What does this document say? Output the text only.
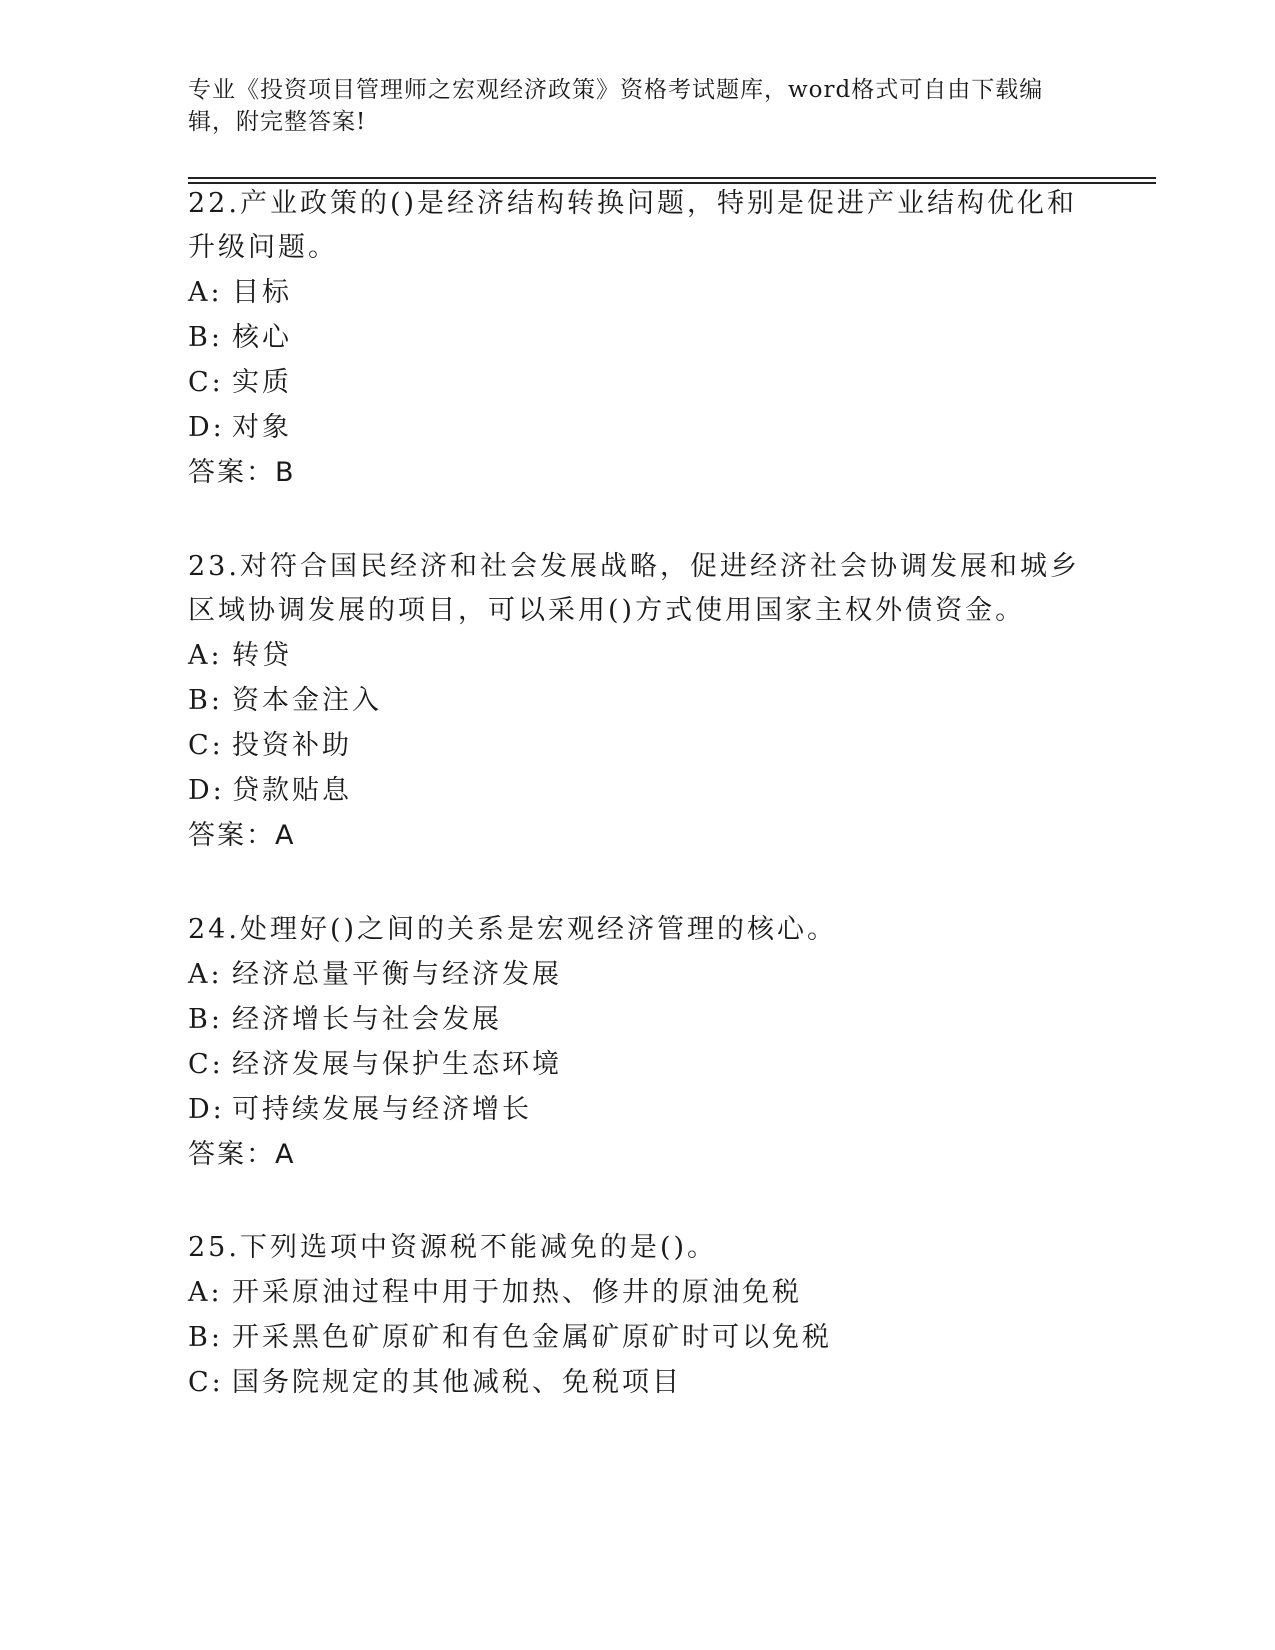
专业《投资项目管理师之宏观经济政策》资格考试题库，word格式可自由下载编辑，附完整答案!

22.产业政策的()是经济结构转换问题，特别是促进产业结构优化和升级问题。

A: 目标

B: 核心

C: 实质

D: 对象

答案：B

23.对符合国民经济和社会发展战略，促进经济社会协调发展和城乡区域协调发展的项目，可以采用()方式使用国家主权外债资金。

A: 转贷

B: 资本金注入

C: 投资补助

D: 贷款贴息

答案：A

24.处理好()之间的关系是宏观经济管理的核心。

A: 经济总量平衡与经济发展

B: 经济增长与社会发展

C: 经济发展与保护生态环境

D: 可持续发展与经济增长

答案：A

25.下列选项中资源税不能减免的是()。

A: 开采原油过程中用于加热、修井的原油免税

B: 开采黑色矿原矿和有色金属矿原矿时可以免税

C: 国务院规定的其他减税、免税项目
